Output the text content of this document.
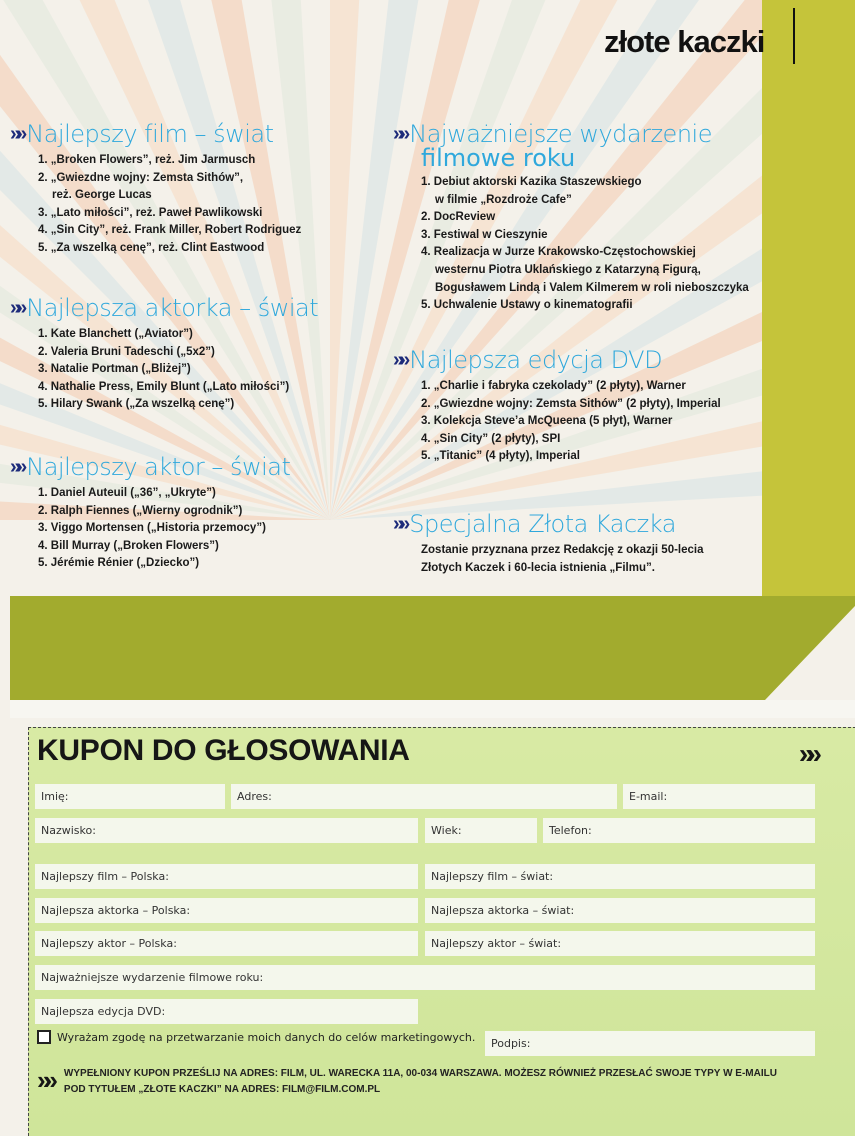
złote kaczki
»» Najlepszy film – świat
1. „Broken Flowers”, reż. Jim Jarmusch
2. „Gwiezdne wojny: Zemsta Sithów”,
reż. George Lucas
3. „Lato miłości”, reż. Paweł Pawlikowski
4. „Sin City”, reż. Frank Miller, Robert Rodriguez
5. „Za wszelką cenę”, reż. Clint Eastwood
»» Najlepsza aktorka – świat
1. Kate Blanchett („Aviator”)
2. Valeria Bruni Tadeschi („5x2”)
3. Natalie Portman („Bliżej”)
4. Nathalie Press, Emily Blunt („Lato miłości”)
5. Hilary Swank („Za wszelką cenę”)
»» Najlepszy aktor – świat
1. Daniel Auteuil („36”, „Ukryte”)
2. Ralph Fiennes („Wierny ogrodnik”)
3. Viggo Mortensen („Historia przemocy”)
4. Bill Murray („Broken Flowers”)
5. Jérémie Rénier („Dziecko”)
»» Najważniejsze wydarzenie
filmowe roku
1. Debiut aktorski Kazika Staszewskiego
w filmie „Rozdroże Cafe”
2. DocReview
3. Festiwal w Cieszynie
4. Realizacja w Jurze Krakowsko-Częstochowskiej
westernu Piotra Uklańskiego z Katarzyną Figurą,
Bogusławem Lindą i Valem Kilmerem w roli nieboszczyka
5. Uchwalenie Ustawy o kinematografii
»» Najlepsza edycja DVD
1. „Charlie i fabryka czekolady” (2 płyty), Warner
2. „Gwiezdne wojny: Zemsta Sithów” (2 płyty), Imperial
3. Kolekcja Steve’a McQueena (5 płyt), Warner
4. „Sin City” (2 płyty), SPI
5. „Titanic” (4 płyty), Imperial
»» Specjalna Złota Kaczka
Zostanie przyznana przez Redakcję z okazji 50-lecia
Złotych Kaczek i 60-lecia istnienia „Filmu”.
KUPON DO GŁOSOWANIA	»»
Imię:	Adres:	E-mail:
Nazwisko:	Wiek:	Telefon:
Najlepszy film – Polska:	Najlepszy film – świat:
Najlepsza aktorka – Polska:	Najlepsza aktorka – świat:
Najlepszy aktor – Polska:	Najlepszy aktor – świat:
Najważniejsze wydarzenie filmowe roku:
Najlepsza edycja DVD:
Wyrażam zgodę na przetwarzanie moich danych do celów marketingowych.	Podpis:
»» WYPEŁNIONY KUPON PRZEŚLIJ NA ADRES: FILM, UL. WARECKA 11A, 00-034 WARSZAWA. MOŻESZ RÓWNIEŻ PRZESŁAĆ SWOJE TYPY W E-MAILU
POD TYTUŁEM „ZŁOTE KACZKI” NA ADRES: FILM@FILM.COM.PL
